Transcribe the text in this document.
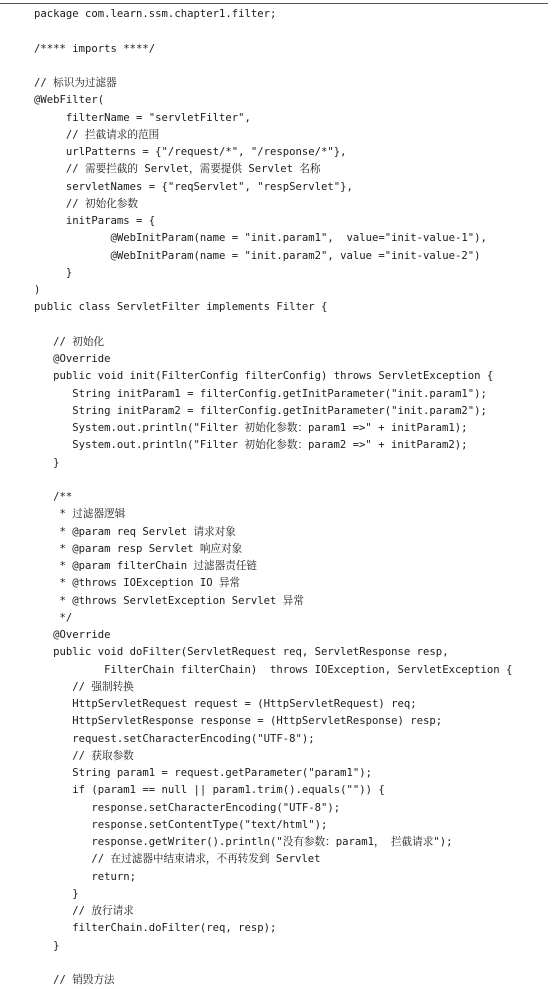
package com.learn.ssm.chapter1.filter;
/**** imports ****/
// 标识为过滤器
@WebFilter(
filterName = "servletFilter",
// 拦截请求的范围
urlPatterns = {"/request/*", "/response/*"},
// 需要拦截的 Servlet，需要提供 Servlet 名称
servletNames = {"reqServlet", "respServlet"},
// 初始化参数
initParams = {
@WebInitParam(name = "init.param1",  value="init-value-1"),
@WebInitParam(name = "init.param2", value ="init-value-2")
}
)
public class ServletFilter implements Filter {
// 初始化
@Override
public void init(FilterConfig filterConfig) throws ServletException {
String initParam1 = filterConfig.getInitParameter("init.param1");
String initParam2 = filterConfig.getInitParameter("init.param2");
System.out.println("Filter 初始化参数：param1 =>" + initParam1);
System.out.println("Filter 初始化参数：param2 =>" + initParam2);
}
/**
* 过滤器逻辑
* @param req Servlet 请求对象
* @param resp Servlet 响应对象
* @param filterChain 过滤器责任链
* @throws IOException IO 异常
* @throws ServletException Servlet 异常
*/
@Override
public void doFilter(ServletRequest req, ServletResponse resp,
FilterChain filterChain)  throws IOException, ServletException {
// 强制转换
HttpServletRequest request = (HttpServletRequest) req;
HttpServletResponse response = (HttpServletResponse) resp;
request.setCharacterEncoding("UTF-8");
// 获取参数
String param1 = request.getParameter("param1");
if (param1 == null || param1.trim().equals("")) {
response.setCharacterEncoding("UTF-8");
response.setContentType("text/html");
response.getWriter().println("没有参数：param1， 拦截请求");
// 在过滤器中结束请求，不再转发到 Servlet
return;
}
// 放行请求
filterChain.doFilter(req, resp);
}
// 销毁方法
